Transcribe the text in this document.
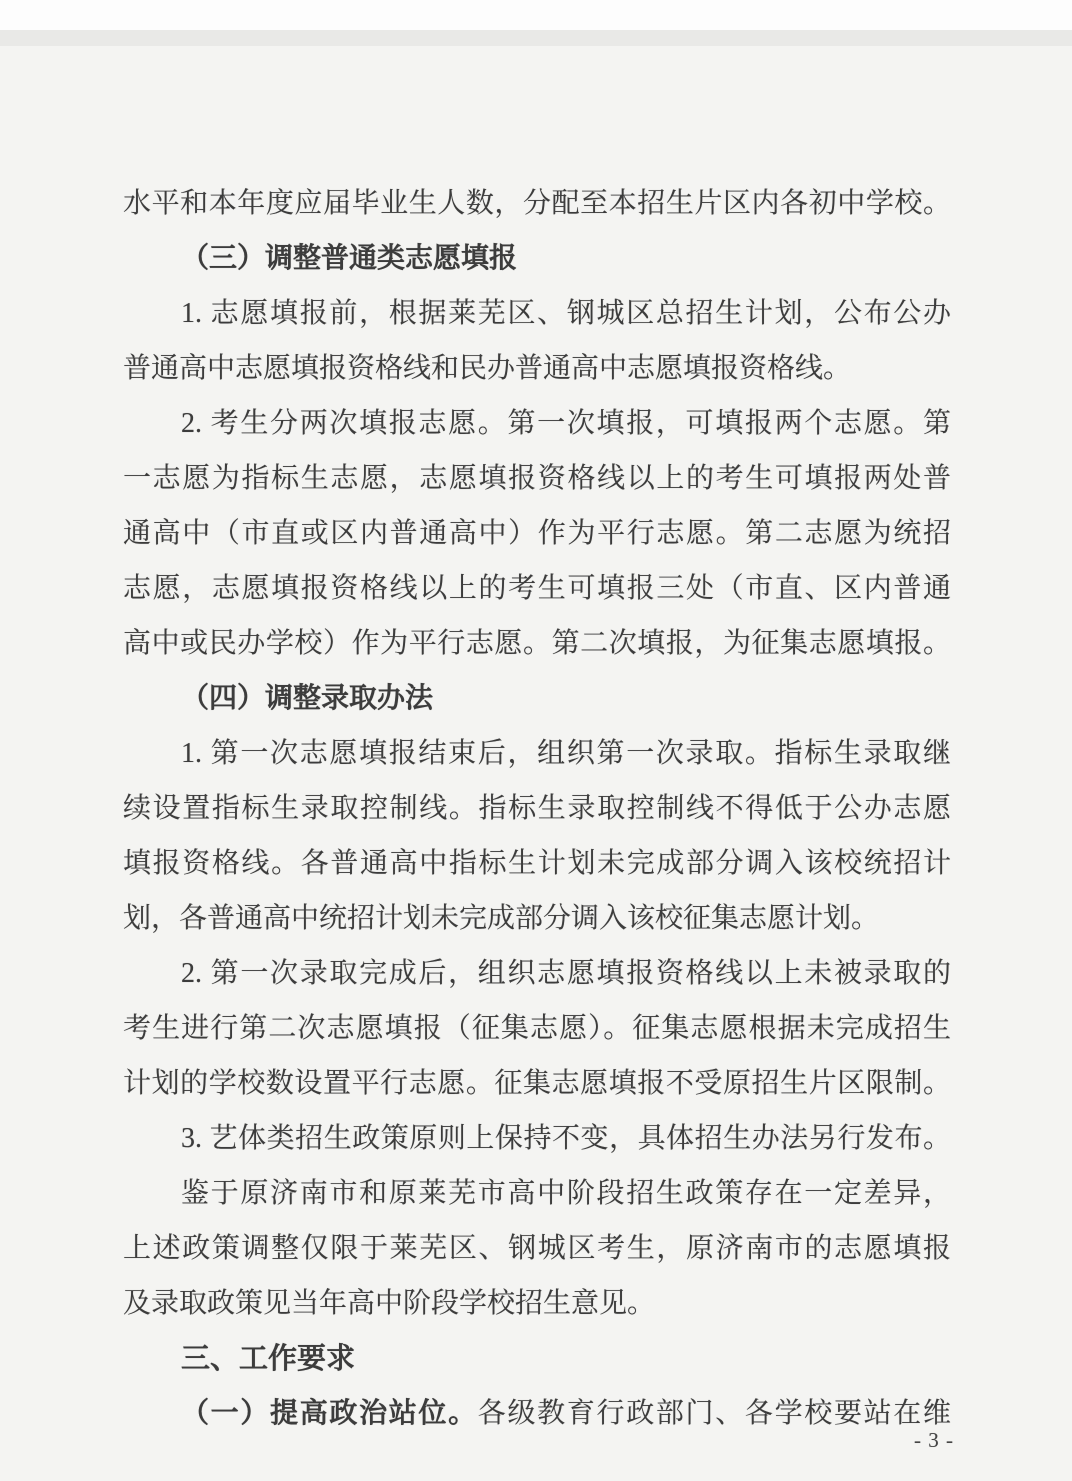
水平和本年度应届毕业生人数，分配至本招生片区内各初中学校。
（三）调整普通类志愿填报
1. 志愿填报前，根据莱芜区、钢城区总招生计划，公布公办
普通高中志愿填报资格线和民办普通高中志愿填报资格线。
2. 考生分两次填报志愿。第一次填报，可填报两个志愿。第
一志愿为指标生志愿，志愿填报资格线以上的考生可填报两处普
通高中（市直或区内普通高中）作为平行志愿。第二志愿为统招
志愿，志愿填报资格线以上的考生可填报三处（市直、区内普通
高中或民办学校）作为平行志愿。第二次填报，为征集志愿填报。
（四）调整录取办法
1. 第一次志愿填报结束后，组织第一次录取。指标生录取继
续设置指标生录取控制线。指标生录取控制线不得低于公办志愿
填报资格线。各普通高中指标生计划未完成部分调入该校统招计
划，各普通高中统招计划未完成部分调入该校征集志愿计划。
2. 第一次录取完成后，组织志愿填报资格线以上未被录取的
考生进行第二次志愿填报（征集志愿）。征集志愿根据未完成招生
计划的学校数设置平行志愿。征集志愿填报不受原招生片区限制。
3. 艺体类招生政策原则上保持不变，具体招生办法另行发布。
鉴于原济南市和原莱芜市高中阶段招生政策存在一定差异，
上述政策调整仅限于莱芜区、钢城区考生，原济南市的志愿填报
及录取政策见当年高中阶段学校招生意见。
三、工作要求
（一）提高政治站位。各级教育行政部门、各学校要站在维
- 3 -
